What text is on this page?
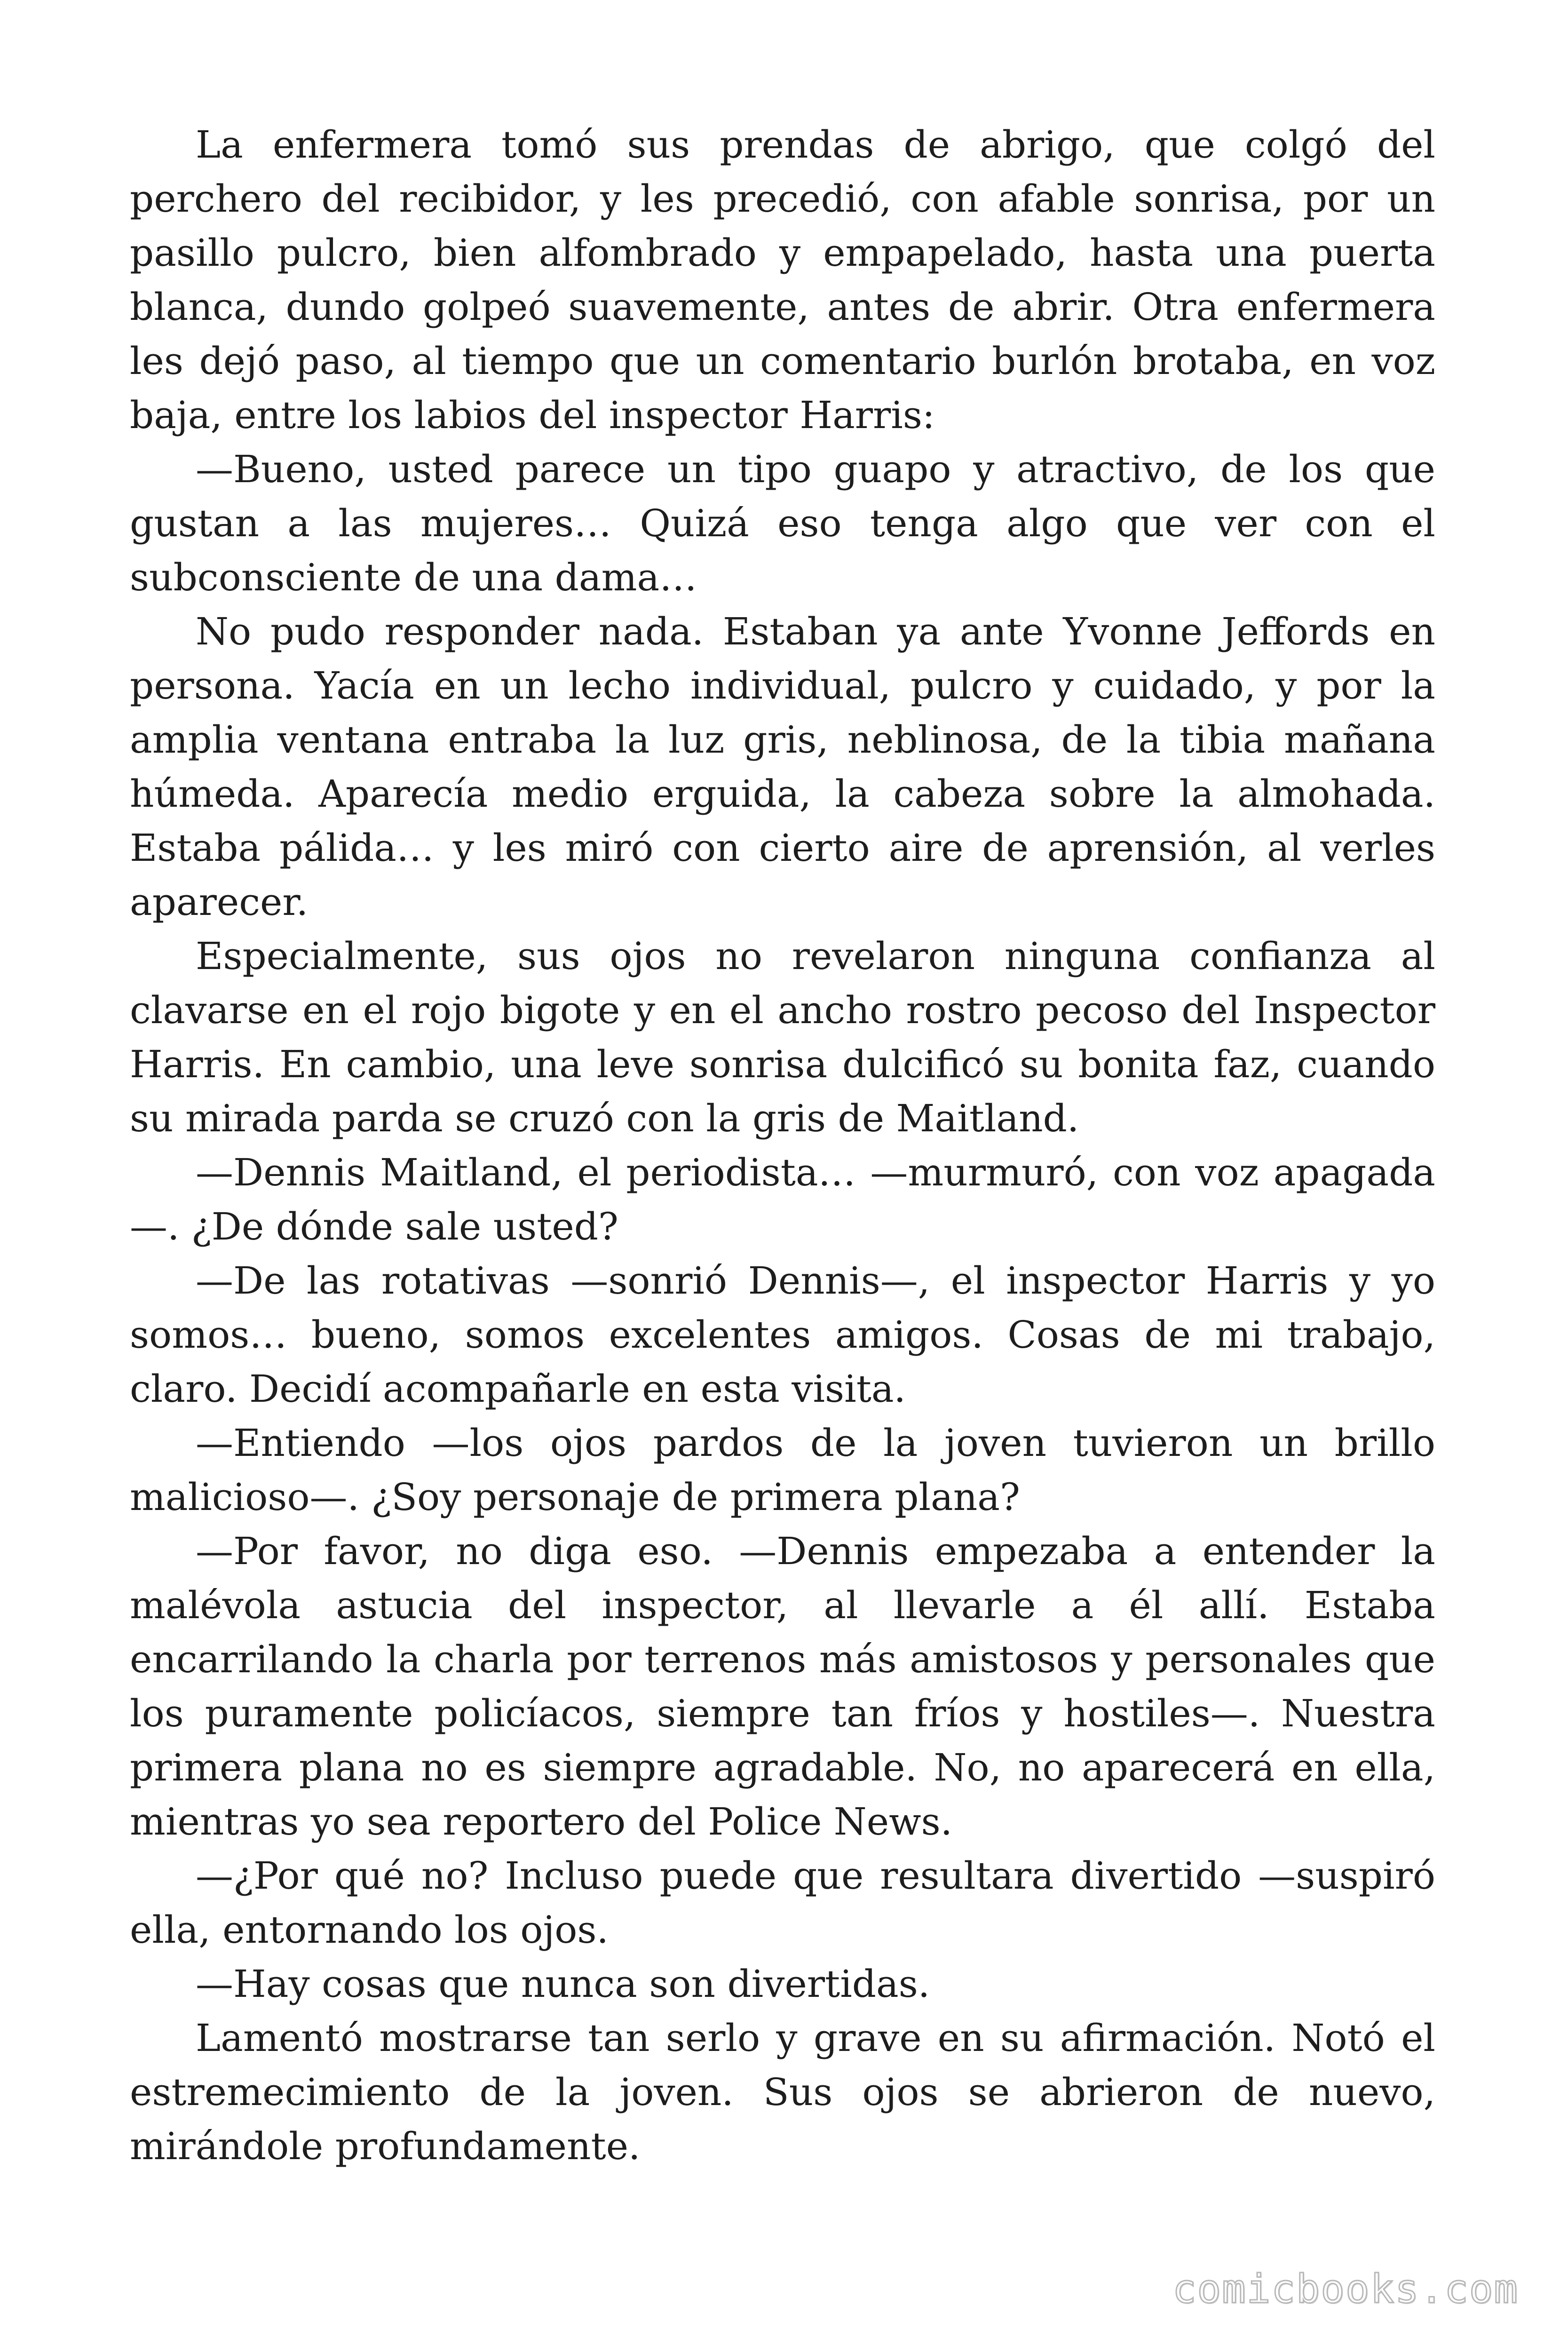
La enfermera tomó sus prendas de abrigo, que colgó del perchero del recibidor, y les precedió, con afable sonrisa, por un pasillo pulcro, bien alfombrado y empapelado, hasta una puerta blanca, dundo golpeó suavemente, antes de abrir. Otra enfermera les dejó paso, al tiempo que un comentario burlón brotaba, en voz baja, entre los labios del inspector Harris:

—Bueno, usted parece un tipo guapo y atractivo, de los que gustan a las mujeres… Quizá eso tenga algo que ver con el subconsciente de una dama…

No pudo responder nada. Estaban ya ante Yvonne Jeffords en persona. Yacía en un lecho individual, pulcro y cuidado, y por la amplia ventana entraba la luz gris, neblinosa, de la tibia mañana húmeda. Aparecía medio erguida, la cabeza sobre la almohada. Estaba pálida… y les miró con cierto aire de aprensión, al verles aparecer.

Especialmente, sus ojos no revelaron ninguna confianza al clavarse en el rojo bigote y en el ancho rostro pecoso del Inspector Harris. En cambio, una leve sonrisa dulcificó su bonita faz, cuando su mirada parda se cruzó con la gris de Maitland.

—Dennis Maitland, el periodista… —murmuró, con voz apagada —. ¿De dónde sale usted?

—De las rotativas —sonrió Dennis—, el inspector Harris y yo somos… bueno, somos excelentes amigos. Cosas de mi trabajo, claro. Decidí acompañarle en esta visita.

—Entiendo —los ojos pardos de la joven tuvieron un brillo malicioso—. ¿Soy personaje de primera plana?

—Por favor, no diga eso. —Dennis empezaba a entender la malévola astucia del inspector, al llevarle a él allí. Estaba encarrilando la charla por terrenos más amistosos y personales que los puramente policíacos, siempre tan fríos y hostiles—. Nuestra primera plana no es siempre agradable. No, no aparecerá en ella, mientras yo sea reportero del Police News.

—¿Por qué no? Incluso puede que resultara divertido —suspiró ella, entornando los ojos.

—Hay cosas que nunca son divertidas.

Lamentó mostrarse tan serlo y grave en su afirmación. Notó el estremecimiento de la joven. Sus ojos se abrieron de nuevo, mirándole profundamente.

comicbooks.com
